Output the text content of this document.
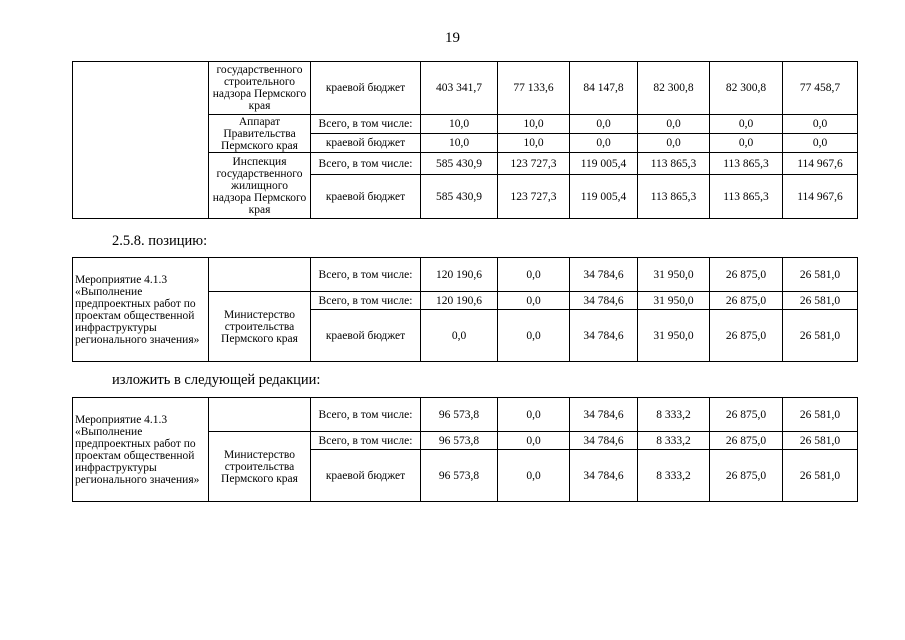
19
	государственного строительного надзора Пермского края	краевой бюджет	403 341,7	77 133,6	84 147,8	82 300,8	82 300,8	77 458,7
	Аппарат Правительства Пермского края	Всего, в том числе:	10,0	10,0	0,0	0,0	0,0	0,0
		краевой бюджет	10,0	10,0	0,0	0,0	0,0	0,0
	Инспекция государственного жилищного надзора Пермского края	Всего, в том числе:	585 430,9	123 727,3	119 005,4	113 865,3	113 865,3	114 967,6
		краевой бюджет	585 430,9	123 727,3	119 005,4	113 865,3	113 865,3	114 967,6
2.5.8. позицию:
Мероприятие 4.1.3 «Выполнение предпроектных работ по проектам общественной инфраструктуры регионального значения»		Всего, в том числе:	120 190,6	0,0	34 784,6	31 950,0	26 875,0	26 581,0
	Министерство строительства Пермского края	Всего, в том числе:	120 190,6	0,0	34 784,6	31 950,0	26 875,0	26 581,0
		краевой бюджет	0,0	0,0	34 784,6	31 950,0	26 875,0	26 581,0
изложить в следующей редакции:
Мероприятие 4.1.3 «Выполнение предпроектных работ по проектам общественной инфраструктуры регионального значения»		Всего, в том числе:	96 573,8	0,0	34 784,6	8 333,2	26 875,0	26 581,0
	Министерство строительства Пермского края	Всего, в том числе:	96 573,8	0,0	34 784,6	8 333,2	26 875,0	26 581,0
		краевой бюджет	96 573,8	0,0	34 784,6	8 333,2	26 875,0	26 581,0
